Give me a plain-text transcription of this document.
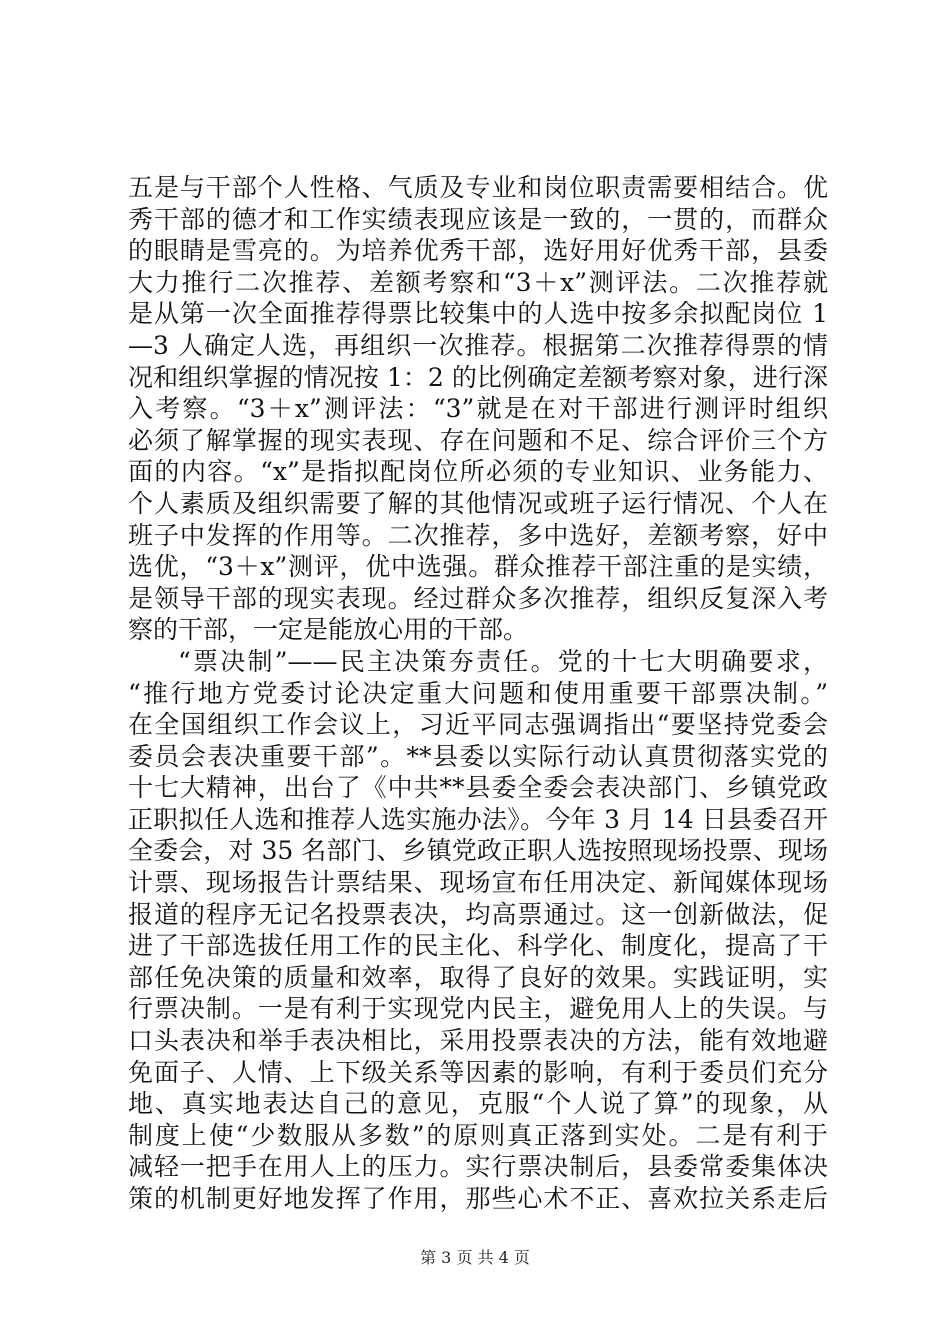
五是与干部个人性格、气质及专业和岗位职责需要相结合。优
秀干部的德才和工作实绩表现应该是一致的，一贯的，而群众
的眼睛是雪亮的。为培养优秀干部，选好用好优秀干部，县委
大力推行二次推荐、差额考察和“3＋x”测评法。二次推荐就
是从第一次全面推荐得票比较集中的人选中按多余拟配岗位 1
—3 人确定人选，再组织一次推荐。根据第二次推荐得票的情
况和组织掌握的情况按 1：2 的比例确定差额考察对象，进行深
入考察。“3＋x”测评法：“3”就是在对干部进行测评时组织
必须了解掌握的现实表现、存在问题和不足、综合评价三个方
面的内容。“x”是指拟配岗位所必须的专业知识、业务能力、
个人素质及组织需要了解的其他情况或班子运行情况、个人在
班子中发挥的作用等。二次推荐，多中选好，差额考察，好中
选优，“3＋x”测评，优中选强。群众推荐干部注重的是实绩，
是领导干部的现实表现。经过群众多次推荐，组织反复深入考
察的干部，一定是能放心用的干部。
“票决制”——民主决策夯责任。党的十七大明确要求，
“推行地方党委讨论决定重大问题和使用重要干部票决制。”
在全国组织工作会议上，习近平同志强调指出“要坚持党委会
委员会表决重要干部”。**县委以实际行动认真贯彻落实党的
十七大精神，出台了《中共**县委全委会表决部门、乡镇党政
正职拟任人选和推荐人选实施办法》。今年 3 月 14 日县委召开
全委会，对 35 名部门、乡镇党政正职人选按照现场投票、现场
计票、现场报告计票结果、现场宣布任用决定、新闻媒体现场
报道的程序无记名投票表决，均高票通过。这一创新做法，促
进了干部选拔任用工作的民主化、科学化、制度化，提高了干
部任免决策的质量和效率，取得了良好的效果。实践证明，实
行票决制。一是有利于实现党内民主，避免用人上的失误。与
口头表决和举手表决相比，采用投票表决的方法，能有效地避
免面子、人情、上下级关系等因素的影响，有利于委员们充分
地、真实地表达自己的意见，克服“个人说了算”的现象，从
制度上使“少数服从多数”的原则真正落到实处。二是有利于
减轻一把手在用人上的压力。实行票决制后，县委常委集体决
策的机制更好地发挥了作用，那些心术不正、喜欢拉关系走后
第 3 页 共 4 页
